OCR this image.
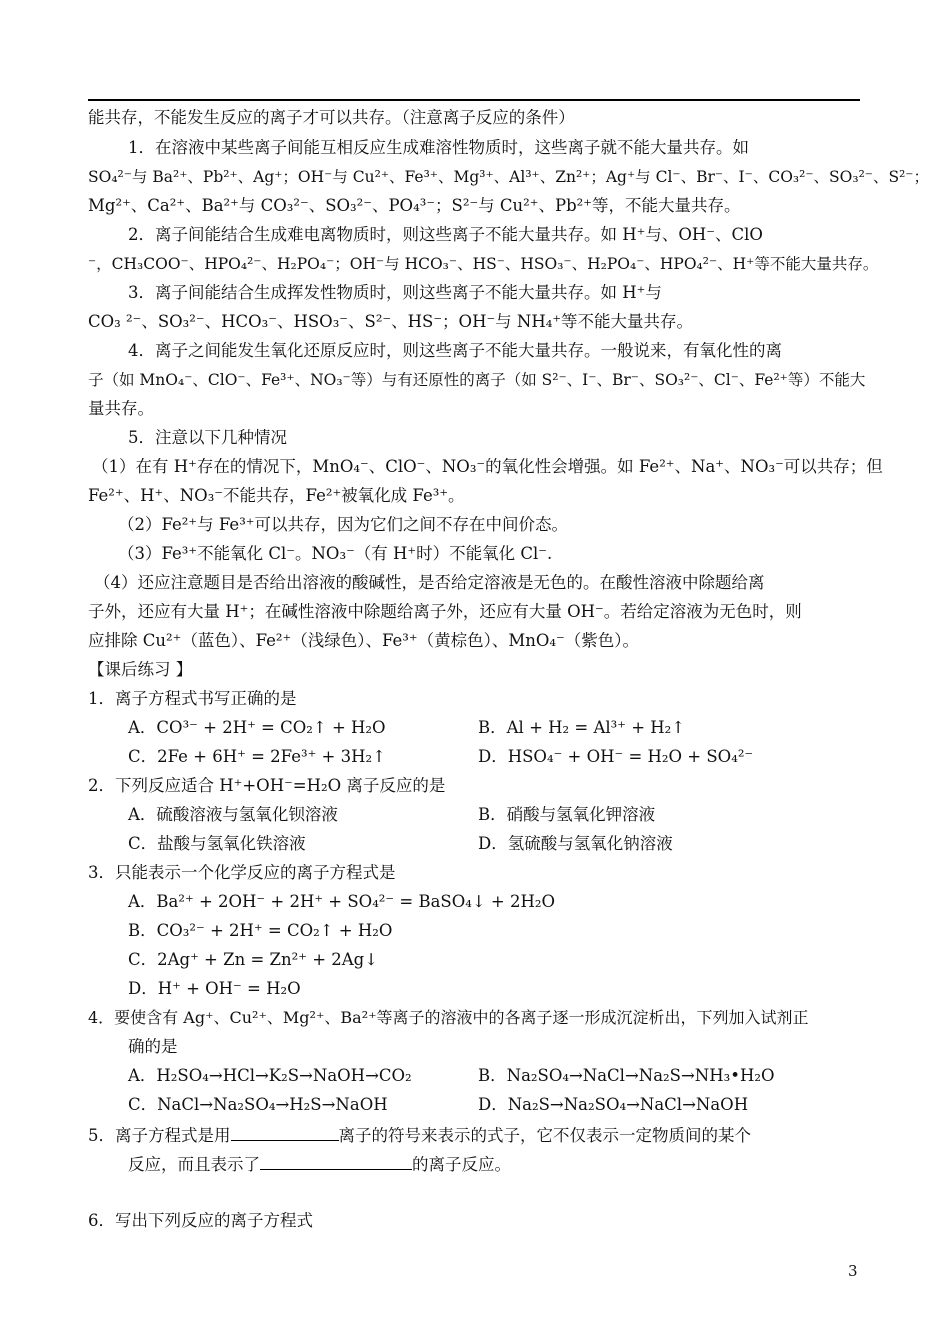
能共存，不能发生反应的离子才可以共存。（注意离子反应的条件）
1．在溶液中某些离子间能互相反应生成难溶性物质时，这些离子就不能大量共存。如
SO₄²⁻与 Ba²⁺、Pb²⁺、Ag⁺；OH⁻与 Cu²⁺、Fe³⁺、Mg³⁺、Al³⁺、Zn²⁺；Ag⁺与 Cl⁻、Br⁻、I⁻、CO₃²⁻、SO₃²⁻、S²⁻；
Mg²⁺、Ca²⁺、Ba²⁺与 CO₃²⁻、SO₃²⁻、PO₄³⁻；S²⁻与 Cu²⁺、Pb²⁺等，不能大量共存。
2．离子间能结合生成难电离物质时，则这些离子不能大量共存。如 H⁺与、OH⁻、ClO
⁻，CH₃COO⁻、HPO₄²⁻、H₂PO₄⁻；OH⁻与 HCO₃⁻、HS⁻、HSO₃⁻、H₂PO₄⁻、HPO₄²⁻、H⁺等不能大量共存。
3．离子间能结合生成挥发性物质时，则这些离子不能大量共存。如 H⁺与
CO₃ ²⁻、SO₃²⁻、HCO₃⁻、HSO₃⁻、S²⁻、HS⁻；OH⁻与 NH₄⁺等不能大量共存。
4．离子之间能发生氧化还原反应时，则这些离子不能大量共存。一般说来，有氧化性的离
子（如 MnO₄⁻、ClO⁻、Fe³⁺、NO₃⁻等）与有还原性的离子（如 S²⁻、I⁻、Br⁻、SO₃²⁻、Cl⁻、Fe²⁺等）不能大
量共存。
5．注意以下几种情况
（1）在有 H⁺存在的情况下，MnO₄⁻、ClO⁻、NO₃⁻的氧化性会增强。如 Fe²⁺、Na⁺、NO₃⁻可以共存；但
Fe²⁺、H⁺、NO₃⁻不能共存，Fe²⁺被氧化成 Fe³⁺。
（2）Fe²⁺与 Fe³⁺可以共存，因为它们之间不存在中间价态。
（3）Fe³⁺不能氧化 Cl⁻。NO₃⁻（有 H⁺时）不能氧化 Cl⁻.
（4）还应注意题目是否给出溶液的酸碱性，是否给定溶液是无色的。在酸性溶液中除题给离
子外，还应有大量 H⁺；在碱性溶液中除题给离子外，还应有大量 OH⁻。若给定溶液为无色时，则
应排除 Cu²⁺（蓝色）、Fe²⁺（浅绿色）、Fe³⁺（黄棕色）、MnO₄⁻（紫色）。
【课后练习 】
1．离子方程式书写正确的是
A．CO³⁻ + 2H⁺ = CO₂↑ + H₂O	B．Al + H₂ = Al³⁺ + H₂↑
C．2Fe + 6H⁺ = 2Fe³⁺ + 3H₂↑	D．HSO₄⁻ + OH⁻ = H₂O + SO₄²⁻
2．下列反应适合 H⁺+OH⁻=H₂O 离子反应的是
A．硫酸溶液与氢氧化钡溶液	B．硝酸与氢氧化钾溶液
C．盐酸与氢氧化铁溶液	D．氢硫酸与氢氧化钠溶液
3．只能表示一个化学反应的离子方程式是
A．Ba²⁺ + 2OH⁻ + 2H⁺ + SO₄²⁻ = BaSO₄↓ + 2H₂O
B．CO₃²⁻ + 2H⁺ = CO₂↑ + H₂O
C．2Ag⁺ + Zn = Zn²⁺ + 2Ag↓
D．H⁺ + OH⁻ = H₂O
4．要使含有 Ag⁺、Cu²⁺、Mg²⁺、Ba²⁺等离子的溶液中的各离子逐一形成沉淀析出，下列加入试剂正
确的是
A．H₂SO₄→HCl→K₂S→NaOH→CO₂	B．Na₂SO₄→NaCl→Na₂S→NH₃•H₂O
C．NaCl→Na₂SO₄→H₂S→NaOH	D．Na₂S→Na₂SO₄→NaCl→NaOH
5．离子方程式是用	离子的符号来表示的式子，它不仅表示一定物质间的某个
反应，而且表示了	的离子反应。
6．写出下列反应的离子方程式
3
